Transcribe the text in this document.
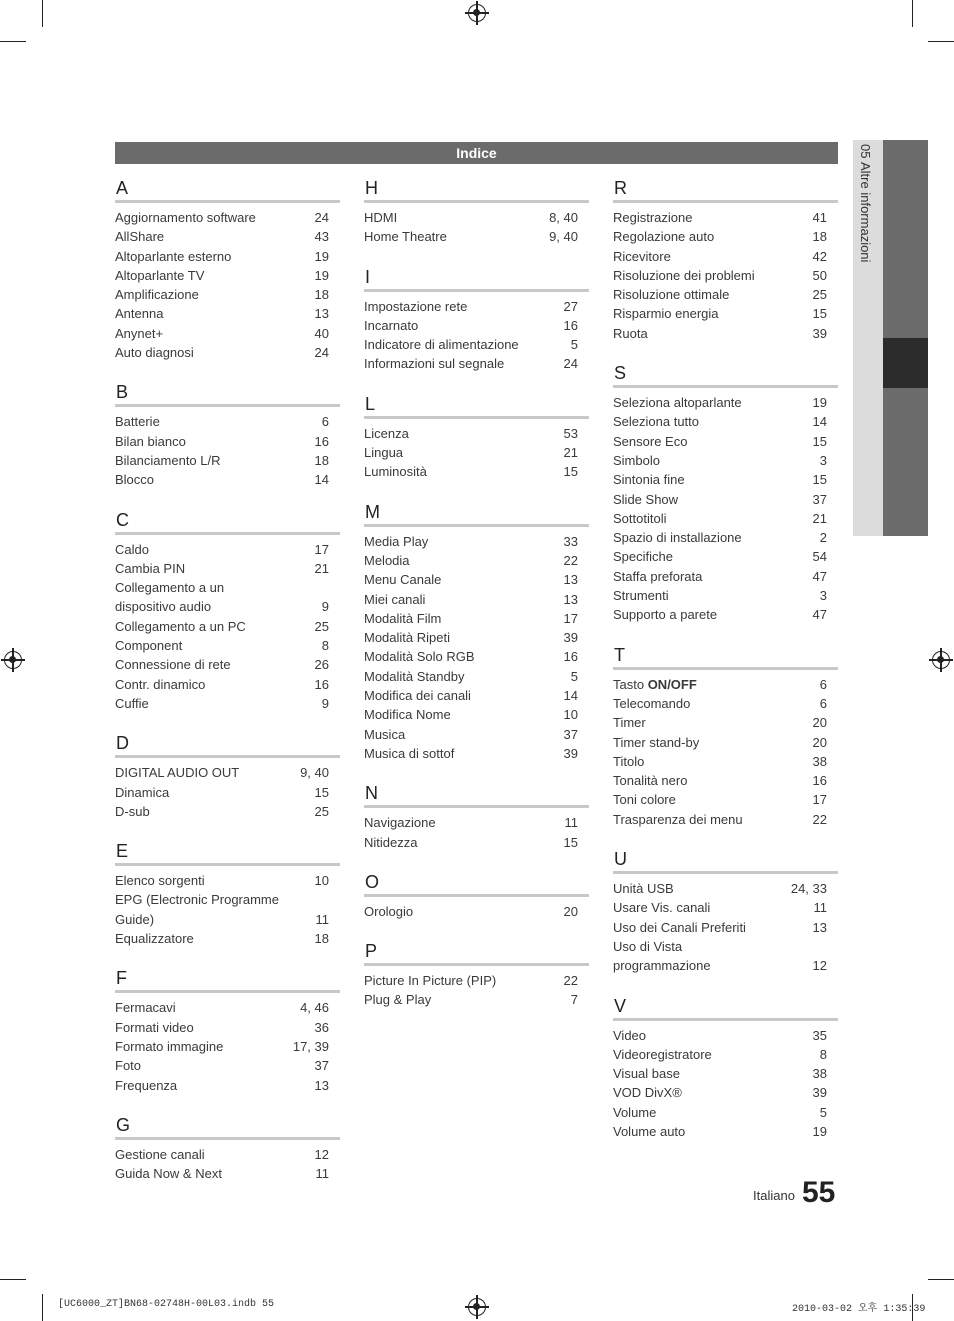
Indice	05 Altre informazioni
A
Aggiornamento software	24
AllShare	43
Altoparlante esterno	19
Altoparlante TV	19
Amplificazione	18
Antenna	13
Anynet+	40
Auto diagnosi	24
B
Batterie	6
Bilan bianco	16
Bilanciamento L/R	18
Blocco	14
C
Caldo	17
Cambia PIN	21
Collegamento a un dispositivo audio	9
Collegamento a un PC	25
Component	8
Connessione di rete	26
Contr. dinamico	16
Cuffie	9
D
DIGITAL AUDIO OUT	9, 40
Dinamica	15
D-sub	25
E
Elenco sorgenti	10
EPG (Electronic Programme Guide)	11
Equalizzatore	18
F
Fermacavi	4, 46
Formati video	36
Formato immagine	17, 39
Foto	37
Frequenza	13
G
Gestione canali	12
Guida Now & Next	11
H
HDMI	8, 40
Home Theatre	9, 40
I
Impostazione rete	27
Incarnato	16
Indicatore di alimentazione	5
Informazioni sul segnale	24
L
Licenza	53
Lingua	21
Luminosità	15
M
Media Play	33
Melodia	22
Menu Canale	13
Miei canali	13
Modalità Film	17
Modalità Ripeti	39
Modalità Solo RGB	16
Modalità Standby	5
Modifica dei canali	14
Modifica Nome	10
Musica	37
Musica di sottof	39
N
Navigazione	11
Nitidezza	15
O
Orologio	20
P
Picture In Picture (PIP)	22
Plug & Play	7
R
Registrazione	41
Regolazione auto	18
Ricevitore	42
Risoluzione dei problemi	50
Risoluzione ottimale	25
Risparmio energia	15
Ruota	39
S
Seleziona altoparlante	19
Seleziona tutto	14
Sensore Eco	15
Simbolo	3
Sintonia fine	15
Slide Show	37
Sottotitoli	21
Spazio di installazione	2
Specifiche	54
Staffa preforata	47
Strumenti	3
Supporto a parete	47
T
Tasto ON/OFF	6
Telecomando	6
Timer	20
Timer stand-by	20
Titolo	38
Tonalità nero	16
Toni colore	17
Trasparenza dei menu	22
U
Unità USB	24, 33
Usare Vis. canali	11
Uso dei Canali Preferiti	13
Uso di Vista programmazione	12
V
Video	35
Videoregistratore	8
Visual base	38
VOD DivX®	39
Volume	5
Volume auto	19
Italiano 55
[UC6000_ZT]BN68-02748H-00L03.indb 55	2010-03-02 오후 1:35:39
